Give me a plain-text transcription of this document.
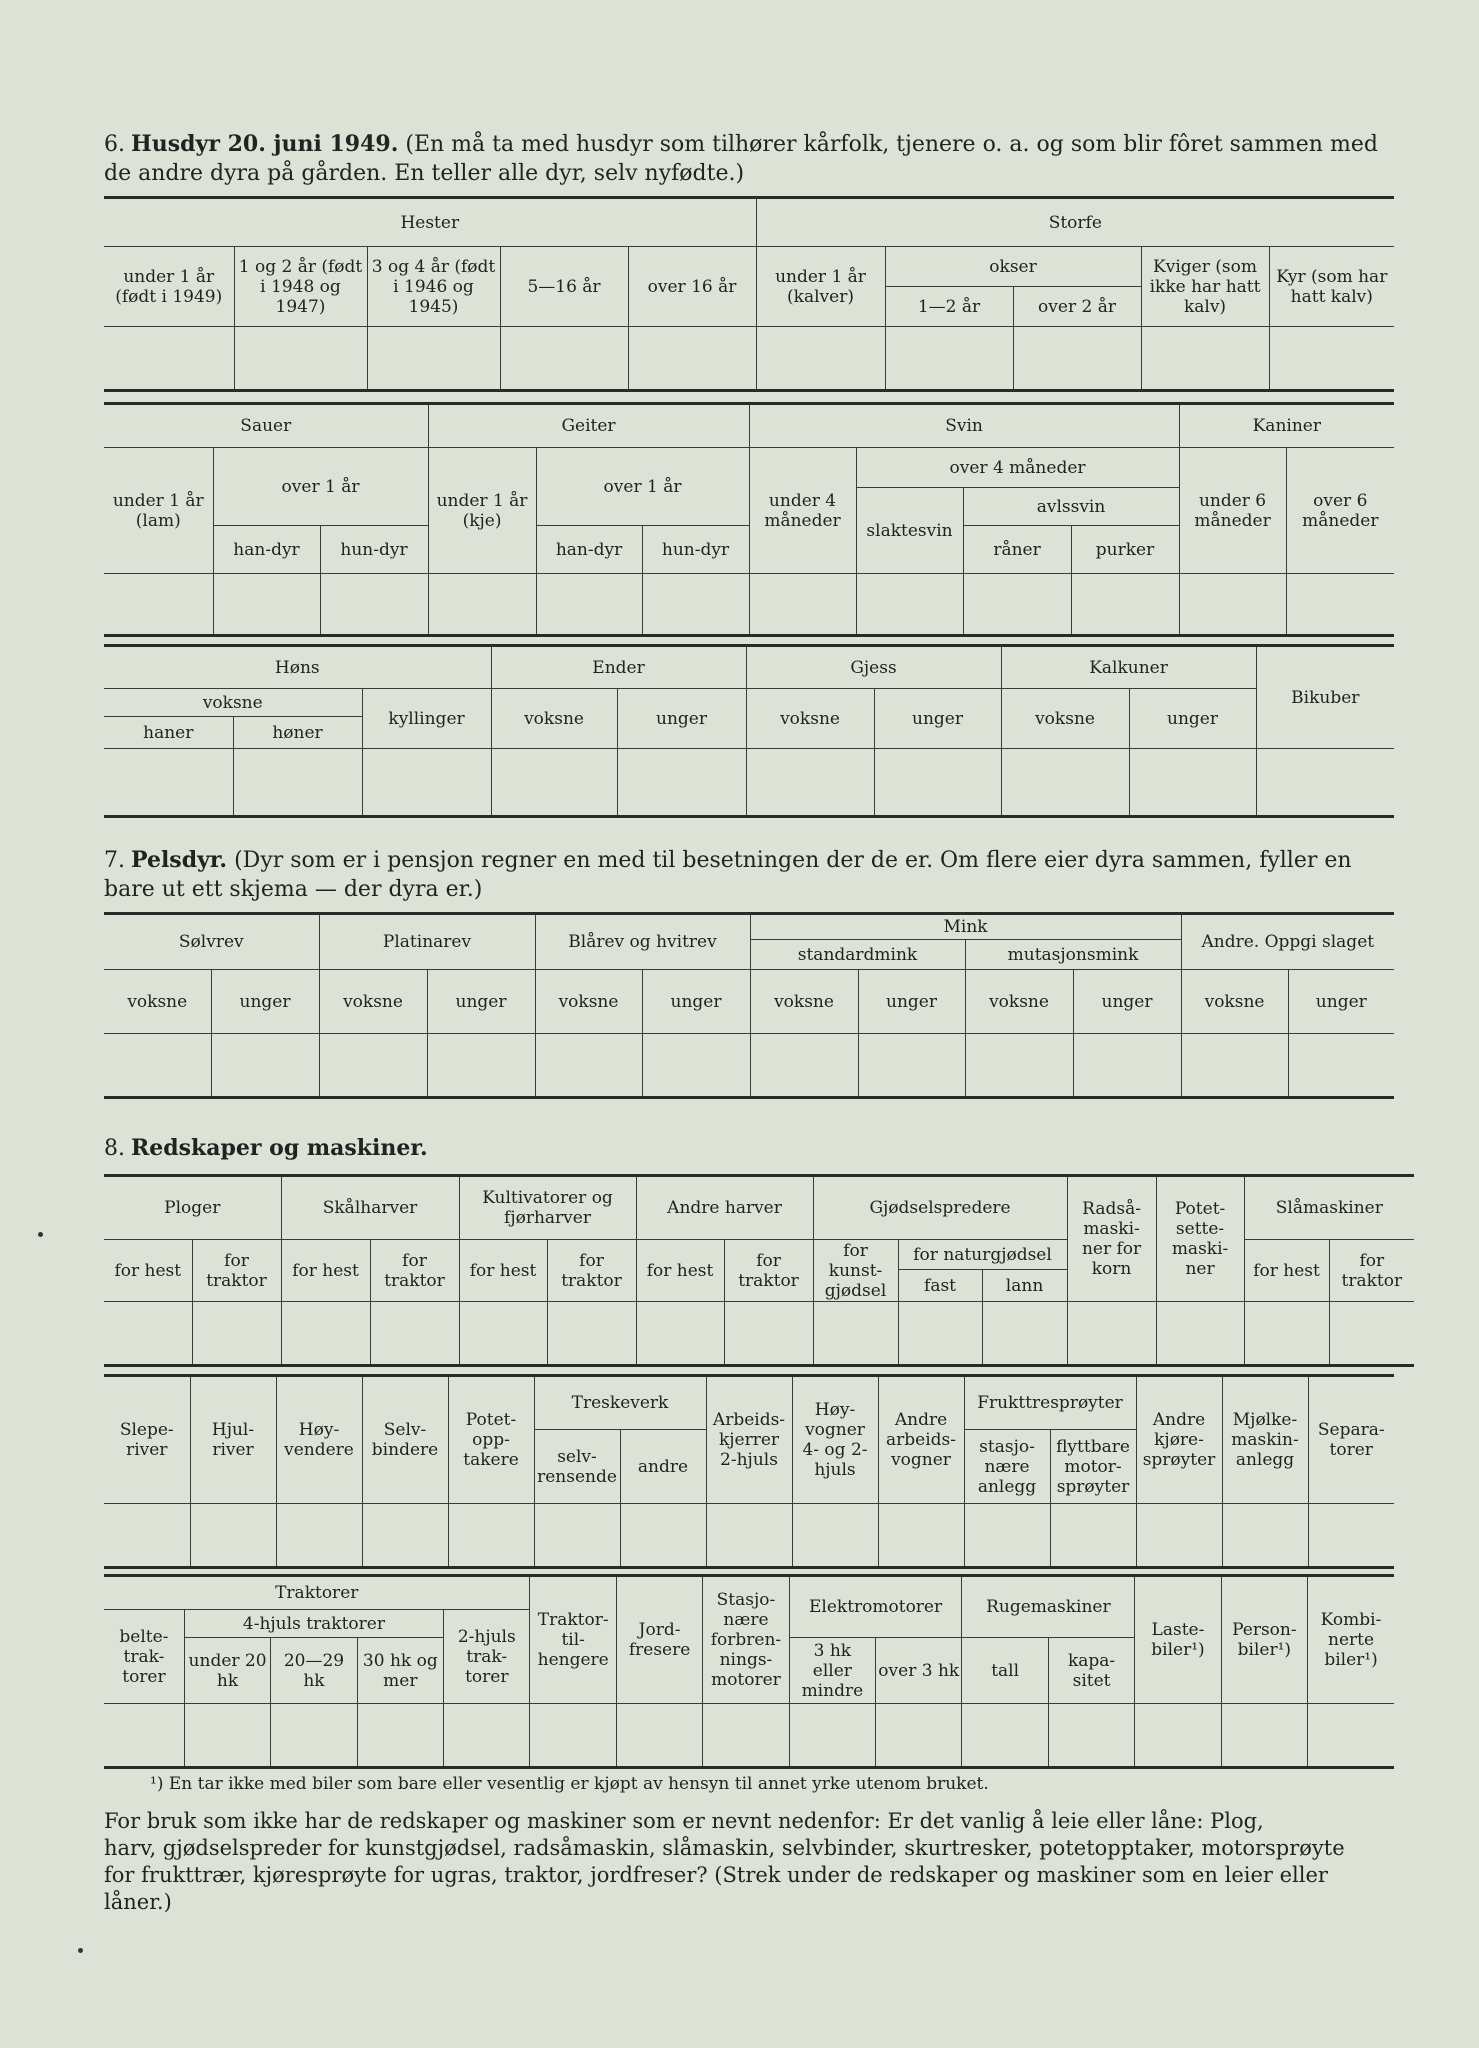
6. Husdyr 20. juni 1949. (En må ta med husdyr som tilhører kårfolk, tjenere o. a. og som blir fôret sammen med de andre dyra på gården. En teller alle dyr, selv nyfødte.)
Hester					Storfe				
under 1 år (født i 1949)	1 og 2 år (født i 1948 og 1947)	3 og 4 år (født i 1946 og 1945)	5—16 år	over 16 år	under 1 år (kalver)	okser		Kviger (som ikke har hatt kalv)	Kyr (som har hatt kalv)
						1—2 år	over 2 år		

Sauer			Geiter			Svin				Kaniner	
under 1 år (lam)	over 1 år		under 1 år (kje)	over 1 år		under 4 måneder	over 4 måneder			under 6 måneder	over 6 måneder
							slaktesvin	avlssvin			
	han-dyr	hun-dyr		han-dyr	hun-dyr			råner	purker		

Høns			Ender		Gjess		Kalkuner		Bikuber
voksne		kyllinger	voksne	unger	voksne	unger	voksne	unger	
haner	høner								

7. Pelsdyr. (Dyr som er i pensjon regner en med til besetningen der de er. Om flere eier dyra sammen, fyller en bare ut ett skjema — der dyra er.)
Sølvrev		Platinarev		Blårev og hvitrev		Mink				Andre. Oppgi slaget	
						standardmink		mutasjonsmink			
voksne	unger	voksne	unger	voksne	unger	voksne	unger	voksne	unger	voksne	unger

8. Redskaper og maskiner.
Ploger		Skålharver		Kultivatorer og fjørharver		Andre harver		Gjødselspredere			Radså-maski-ner for korn	Potet-sette-maski-ner	Slåmaskiner	
for hest	for traktor	for hest	for traktor	for hest	for traktor	for hest	for traktor	for kunst-gjødsel	for naturgjødsel				for hest	for traktor
									fast	lann				

Slepe-river	Hjul-river	Høy-vendere	Selv-bindere	Potet-opp-takere	Treskeverk		Arbeids-kjerrer 2-hjuls	Høy-vogner 4- og 2-hjuls	Andre arbeids-vogner	Frukttresprøyter		Andre kjøre-sprøyter	Mjølke-maskin-anlegg	Separa-torer
					selv-rensende	andre				stasjo-nære anlegg	flyttbare motor-sprøyter			

Traktorer					Traktor-til-hengere	Jord-fresere	Stasjo-nære forbren-nings-motorer	Elektromotorer		Rugemaskiner		Laste-biler¹)	Person-biler¹)	Kombi-nerte biler¹)
belte-trak-torer	4-hjuls traktorer			2-hjuls trak-torer										
	under 20 hk	20—29 hk	30 hk og mer					3 hk eller mindre	over 3 hk	tall	kapa-sitet			

¹) En tar ikke med biler som bare eller vesentlig er kjøpt av hensyn til annet yrke utenom bruket.

For bruk som ikke har de redskaper og maskiner som er nevnt nedenfor: Er det vanlig å leie eller låne: Plog,

harv, gjødselspreder for kunstgjødsel, radsåmaskin, slåmaskin, selvbinder, skurtresker, potetopptaker, motorsprøyte

for frukttrær, kjøresprøyte for ugras, traktor, jordfreser? (Strek under de redskaper og maskiner som en leier eller låner.)
